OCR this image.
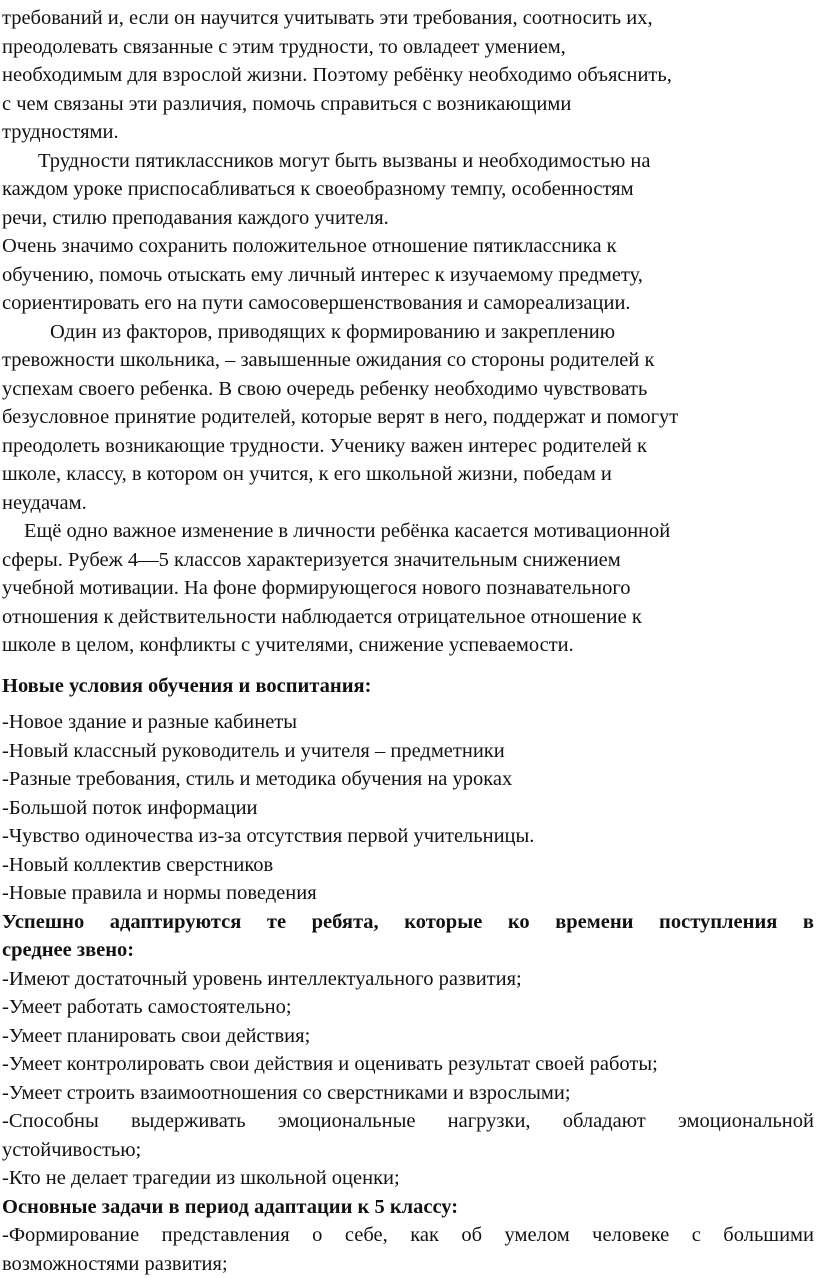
требований и, если он научится учитывать эти требования, соотносить их,

преодолевать связанные с этим трудности, то овладеет умением,

необходимым для взрослой жизни. Поэтому ребёнку необходимо объяснить,

с чем связаны эти различия, помочь справиться с возникающими

трудностями.

Трудности пятиклассников могут быть вызваны и необходимостью на

каждом уроке приспосабливаться к своеобразному темпу, особенностям

речи, стилю преподавания каждого учителя.

Очень значимо сохранить положительное отношение пятиклассника к

обучению, помочь отыскать ему личный интерес к изучаемому предмету,

сориентировать его на пути самосовершенствования и самореализации.

Один из факторов, приводящих к формированию и закреплению

тревожности школьника, – завышенные ожидания со стороны родителей к

успехам своего ребенка. В свою очередь ребенку необходимо чувствовать

безусловное принятие родителей, которые верят в него, поддержат и помогут

преодолеть возникающие трудности. Ученику важен интерес родителей к

школе, классу, в котором он учится, к его школьной жизни, победам и

неудачам.

Ещё одно важное изменение в личности ребёнка касается мотивационной

сферы. Рубеж 4—5 классов характеризуется значительным снижением

учебной мотивации. На фоне формирующегося нового познавательного

отношения к действительности наблюдается отрицательное отношение к

школе в целом, конфликты с учителями, снижение успеваемости.

Новые условия обучения и воспитания:

-Новое здание и разные кабинеты

-Новый классный руководитель и учителя – предметники

-Разные требования, стиль и методика обучения на уроках

-Большой поток информации

-Чувство одиночества из-за отсутствия первой учительницы.

-Новый коллектив сверстников

-Новые правила и нормы поведения

Успешно адаптируются те ребята, которые ко времени поступления в

среднее звено:

-Имеют достаточный уровень интеллектуального развития;

-Умеет работать самостоятельно;

-Умеет планировать свои действия;

-Умеет контролировать свои действия и оценивать результат своей работы;

-Умеет строить взаимоотношения со сверстниками и взрослыми;

-Способны выдерживать эмоциональные нагрузки, обладают эмоциональной

устойчивостью;

-Кто не делает трагедии из школьной оценки;

Основные задачи в период адаптации к 5 классу:

-Формирование представления о себе, как об умелом человеке с большими

возможностями развития;
